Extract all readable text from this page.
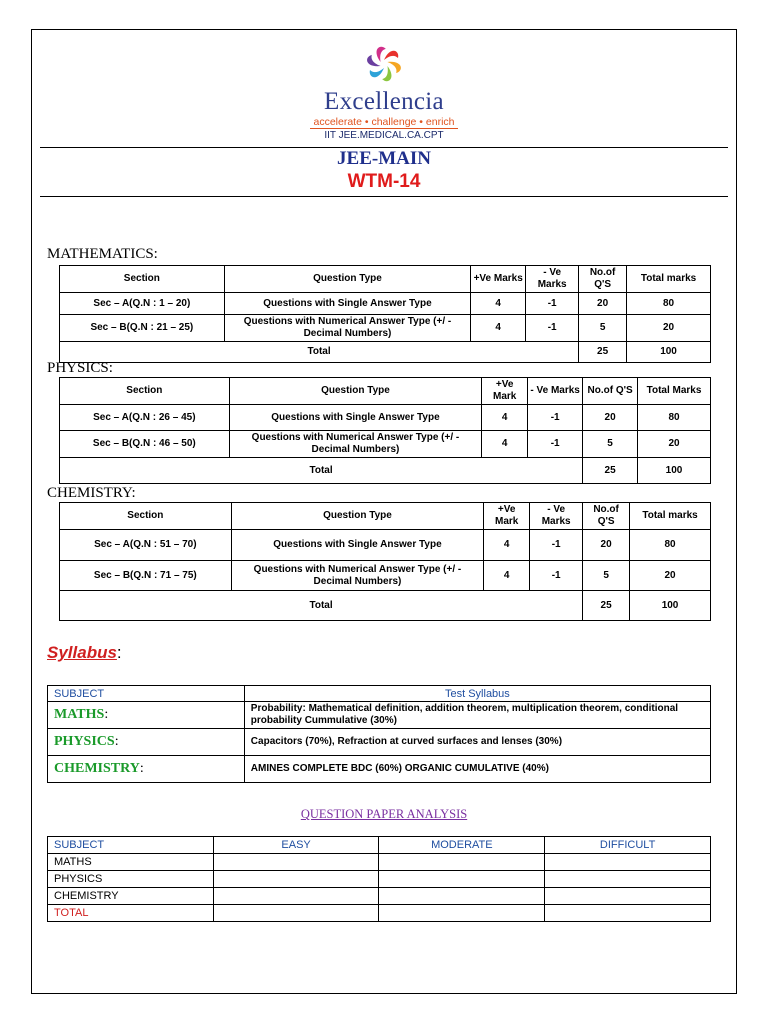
Excellencia
accelerate • challenge • enrich
IIT JEE.MEDICAL.CA.CPT
JEE-MAIN
WTM-14
MATHEMATICS:
Section	Question Type	+Ve Marks	- Ve Marks	No.of Q'S	Total marks
Sec – A(Q.N : 1 – 20)	Questions with Single Answer Type	4	-1	20	80
Sec – B(Q.N : 21 – 25)	Questions with Numerical Answer Type (+/ - Decimal Numbers)	4	-1	5	20
Total				25	100
PHYSICS:
Section	Question Type	+Ve Mark	- Ve Marks	No.of Q'S	Total Marks
Sec – A(Q.N : 26 – 45)	Questions with Single Answer Type	4	-1	20	80
Sec – B(Q.N : 46 – 50)	Questions with Numerical Answer Type (+/ - Decimal Numbers)	4	-1	5	20
Total				25	100
CHEMISTRY:
Section	Question Type	+Ve Mark	- Ve Marks	No.of Q'S	Total marks
Sec – A(Q.N : 51 – 70)	Questions with Single Answer Type	4	-1	20	80
Sec – B(Q.N : 71 – 75)	Questions with Numerical Answer Type (+/ - Decimal Numbers)	4	-1	5	20
Total				25	100
Syllabus:
SUBJECT	Test Syllabus
MATHS:	Probability: Mathematical definition, addition theorem, multiplication theorem, conditional probability Cummulative (30%)
PHYSICS:	Capacitors (70%), Refraction at curved surfaces and lenses (30%)
CHEMISTRY:	AMINES COMPLETE BDC (60%) ORGANIC CUMULATIVE (40%)
QUESTION PAPER ANALYSIS
SUBJECT	EASY	MODERATE	DIFFICULT
MATHS			
PHYSICS			
CHEMISTRY			
TOTAL			
